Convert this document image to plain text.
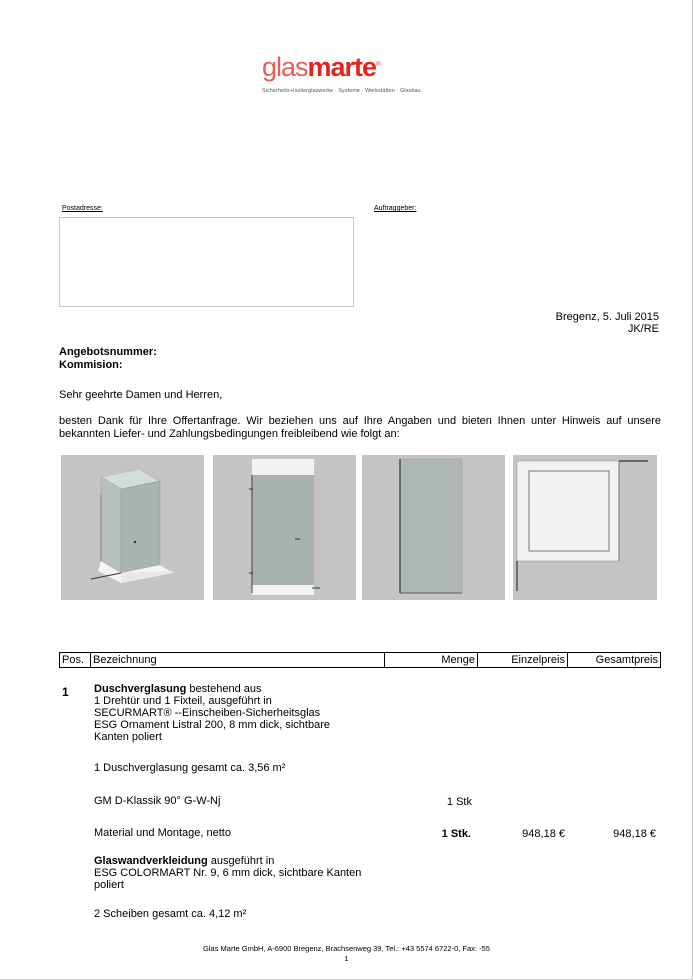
glasmarte®
Sicherheits+Isolierglaswerke · Systeme · Werkstätten · Glasbau
Postadresse:	Auftraggeber:
Bregenz, 5. Juli 2015
JK/RE
Angebotsnummer:
Kommision:
Sehr geehrte Damen und Herren,
besten Dank für Ihre Offertanfrage. Wir beziehen uns auf Ihre Angaben und bieten Ihnen unter Hinweis auf unsere bekannten Liefer- und Zahlungsbedingungen freibleibend wie folgt an:
Pos. Bezeichnung	Menge	Einzelpreis	Gesamtpreis
1 Duschverglasung bestehend aus
1 Drehtür und 1 Fixteil, ausgeführt in
SECURMART® --Einscheiben-Sicherheitsglas
ESG Ornament Listral 200, 8 mm dick, sichtbare
Kanten poliert
1 Duschverglasung gesamt ca. 3,56 m²
GM D-Klassik 90° G-W-Nj	1 Stk
Material und Montage, netto	1 Stk.	948,18 €	948,18 €
Glaswandverkleidung ausgeführt in
ESG COLORMART Nr. 9, 6 mm dick, sichtbare Kanten
poliert
2 Scheiben gesamt ca. 4,12 m²
Glas Marte GmbH, A-6900 Bregenz, Brachsenweg 39, Tel.: +43 5574 6722-0, Fax: -55
1
